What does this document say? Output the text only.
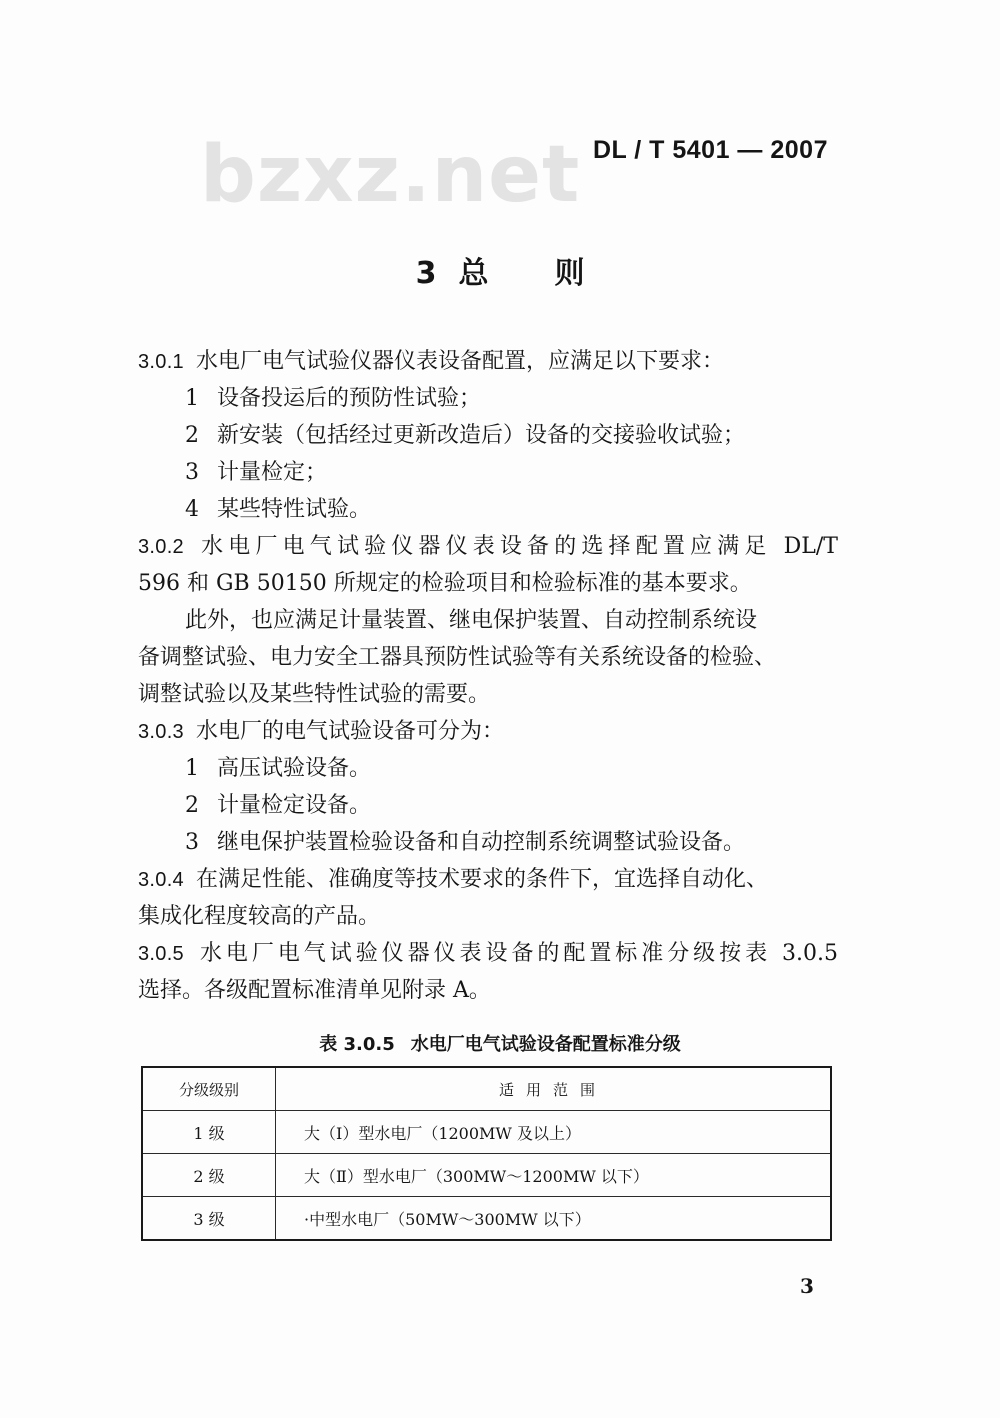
bzxz.net DL / T 5401 — 2007
3 总 则
3.0.1 水电厂电气试验仪器仪表设备配置，应满足以下要求：
1 设备投运后的预防性试验；
2 新安装（包括经过更新改造后）设备的交接验收试验；
3 计量检定；
4 某些特性试验。
3.0.2 水电厂电气试验仪器仪表设备的选择配置应满足 DL/T
596 和 GB 50150 所规定的检验项目和检验标准的基本要求。
此外，也应满足计量装置、继电保护装置、自动控制系统设
备调整试验、电力安全工器具预防性试验等有关系统设备的检验、
调整试验以及某些特性试验的需要。
3.0.3 水电厂的电气试验设备可分为：
1 高压试验设备。
2 计量检定设备。
3 继电保护装置检验设备和自动控制系统调整试验设备。
3.0.4 在满足性能、准确度等技术要求的条件下，宜选择自动化、
集成化程度较高的产品。
3.0.5 水电厂电气试验仪器仪表设备的配置标准分级按表 3.0.5
选择。各级配置标准清单见附录 A。
表 3.0.5 水电厂电气试验设备配置标准分级
分级级别	适用范围
1 级	大（Ⅰ）型水电厂（1200MW 及以上）
2 级	大（Ⅱ）型水电厂（300MW～1200MW 以下）
3 级	·中型水电厂（50MW～300MW 以下）
3
